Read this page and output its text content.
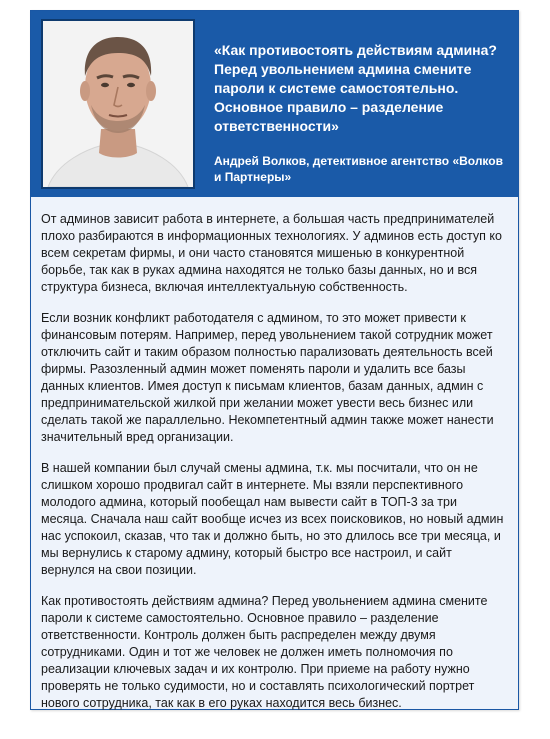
«Как противостоять действиям админа? Перед увольнением админа смените пароли к системе самостоятельно. Основное правило – разделение ответственности»

Андрей Волков, детективное агентство «Волков и Партнеры»

От админов зависит работа в интернете, а большая часть предпринимателей плохо разбираются в информационных технологиях. У админов есть доступ ко всем секретам фирмы, и они часто становятся мишенью в конкурентной борьбе, так как в руках админа находятся не только базы данных, но и вся структура бизнеса, включая интеллектуальную собственность.

Если возник конфликт работодателя с админом, то это может привести к финансовым потерям. Например, перед увольнением такой сотрудник может отключить сайт и таким образом полностью парализовать деятельность всей фирмы. Разозленный админ может поменять пароли и удалить все базы данных клиентов. Имея доступ к письмам клиентов, базам данных, админ с предпринимательской жилкой при желании может увести весь бизнес или сделать такой же параллельно. Некомпетентный админ также может нанести значительный вред организации.

В нашей компании был случай смены админа, т.к. мы посчитали, что он не слишком хорошо продвигал сайт в интернете. Мы взяли перспективного молодого админа, который пообещал нам вывести сайт в ТОП-3 за три месяца. Сначала наш сайт вообще исчез из всех поисковиков, но новый админ нас успокоил, сказав, что так и должно быть, но это длилось все три месяца, и мы вернулись к старому админу, который быстро все настроил, и сайт вернулся на свои позиции.

Как противостоять действиям админа? Перед увольнением админа смените пароли к системе самостоятельно. Основное правило – разделение ответственности. Контроль должен быть распределен между двумя сотрудниками. Один и тот же человек не должен иметь полномочия по реализации ключевых задач и их контролю. При приеме на работу нужно проверять не только судимости, но и составлять психологический портрет нового сотрудника, так как в его руках находится весь бизнес.
